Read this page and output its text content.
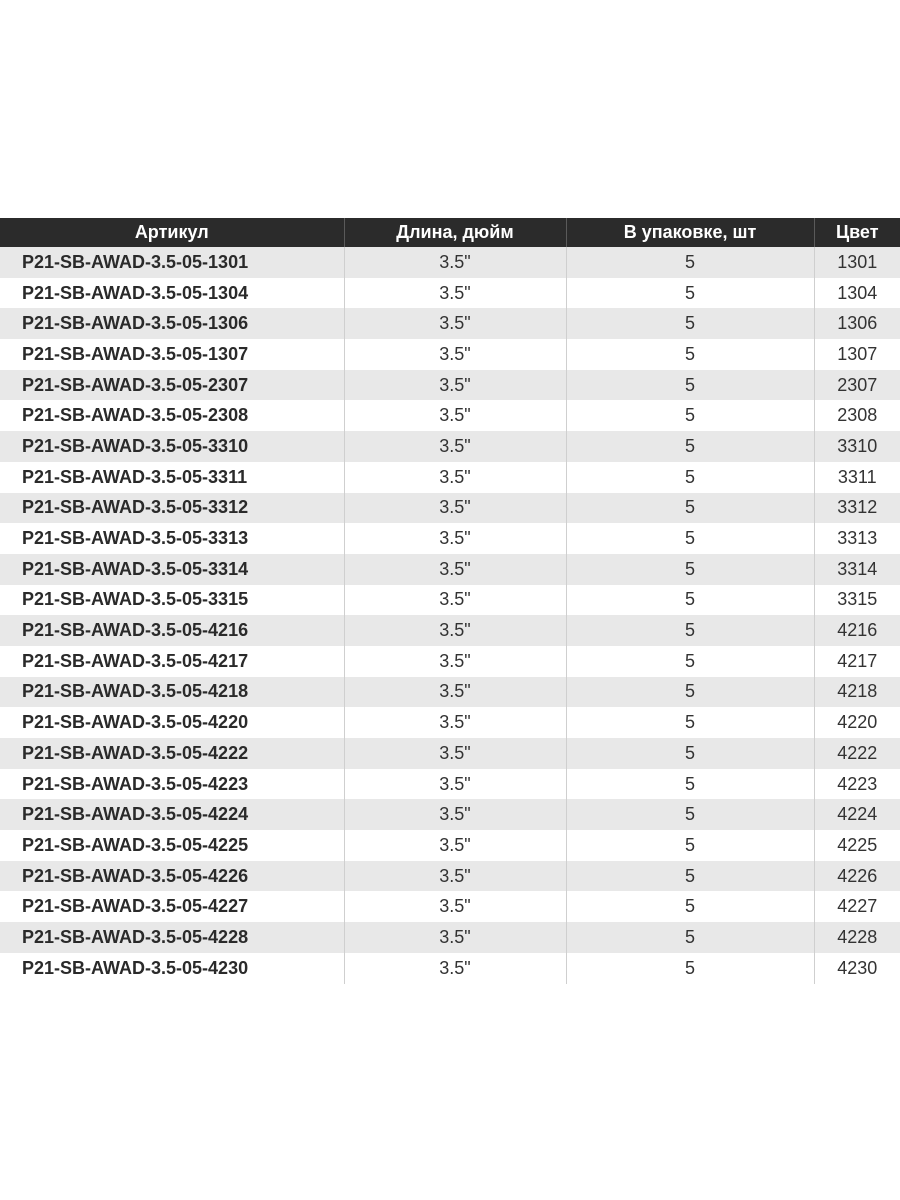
Артикул	Длина, дюйм	В упаковке, шт	Цвет
P21-SB-AWAD-3.5-05-1301	3.5"	5	1301
P21-SB-AWAD-3.5-05-1304	3.5"	5	1304
P21-SB-AWAD-3.5-05-1306	3.5"	5	1306
P21-SB-AWAD-3.5-05-1307	3.5"	5	1307
P21-SB-AWAD-3.5-05-2307	3.5"	5	2307
P21-SB-AWAD-3.5-05-2308	3.5"	5	2308
P21-SB-AWAD-3.5-05-3310	3.5"	5	3310
P21-SB-AWAD-3.5-05-3311	3.5"	5	3311
P21-SB-AWAD-3.5-05-3312	3.5"	5	3312
P21-SB-AWAD-3.5-05-3313	3.5"	5	3313
P21-SB-AWAD-3.5-05-3314	3.5"	5	3314
P21-SB-AWAD-3.5-05-3315	3.5"	5	3315
P21-SB-AWAD-3.5-05-4216	3.5"	5	4216
P21-SB-AWAD-3.5-05-4217	3.5"	5	4217
P21-SB-AWAD-3.5-05-4218	3.5"	5	4218
P21-SB-AWAD-3.5-05-4220	3.5"	5	4220
P21-SB-AWAD-3.5-05-4222	3.5"	5	4222
P21-SB-AWAD-3.5-05-4223	3.5"	5	4223
P21-SB-AWAD-3.5-05-4224	3.5"	5	4224
P21-SB-AWAD-3.5-05-4225	3.5"	5	4225
P21-SB-AWAD-3.5-05-4226	3.5"	5	4226
P21-SB-AWAD-3.5-05-4227	3.5"	5	4227
P21-SB-AWAD-3.5-05-4228	3.5"	5	4228
P21-SB-AWAD-3.5-05-4230	3.5"	5	4230
